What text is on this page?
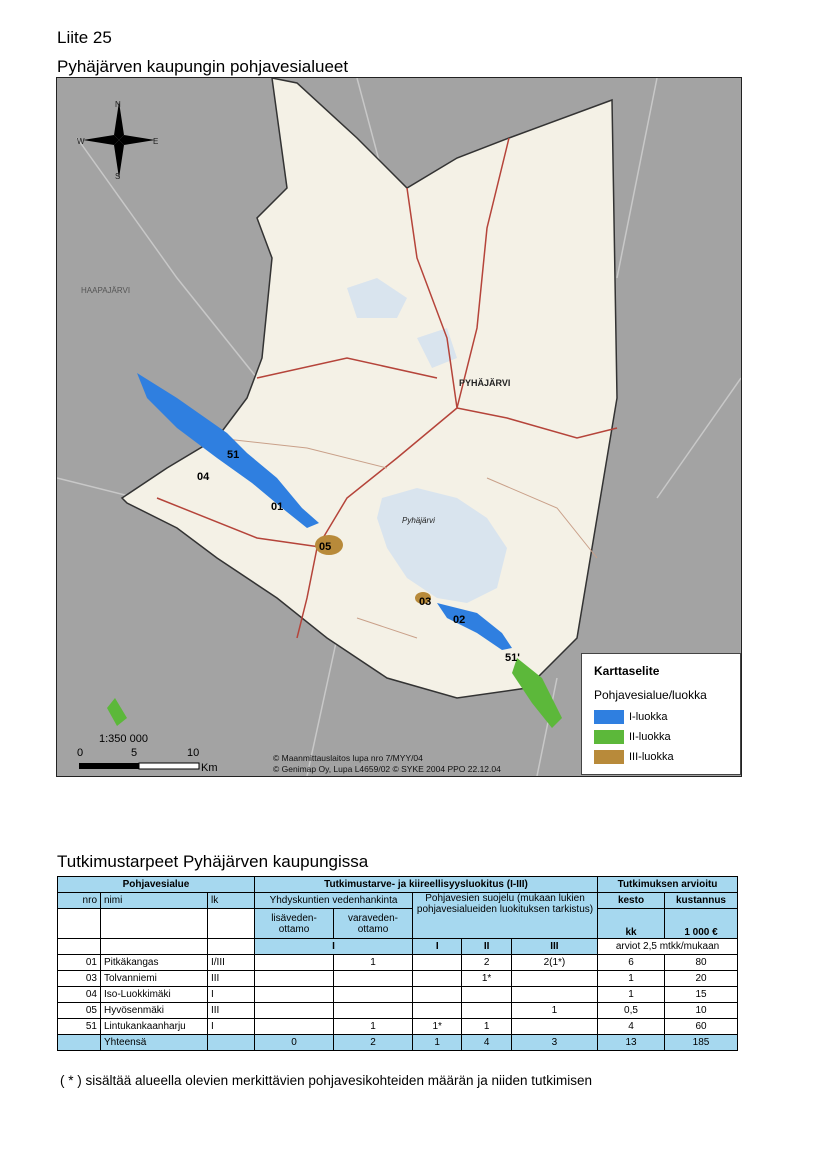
Liite 25
Pyhäjärven kaupungin pohjavesialueet
N
S
E
W
Pyhäjärvi
PYHÄJÄRVI
HAAPAJÄRVI
51
04
01
05
03
02
51'
Karttaselite
Pohjavesialue/luokka
I-luokka
II-luokka
III-luokka
1:350 000
0	5	10
Km
© Maanmittauslaitos lupa nro 7/MYY/04
© Genimap Oy, Lupa L4659/02 © SYKE 2004 PPO 22.12.04
Tutkimustarpeet Pyhäjärven kaupungissa
Pohjavesialue			Tutkimustarve- ja kiireellisyysluokitus (I-III)					Tutkimuksen arvioitu	
nro	nimi	lk	Yhdyskuntien vedenhankinta		Pohjavesien suojelu (mukaan lukien pohjavesialueiden luokituksen tarkistus)			kesto	kustannus
			lisäveden-ottamo	varaveden-ottamo				kk	1 000 €
			I		I	II	III	arviot 2,5 mtkk/mukaan	
01	Pitkäkangas	I/III		1		2	2(1*)	6	80
03	Tolvanniemi	III				1*		1	20
04	Iso-Luokkimäki	I						1	15
05	Hyvösenmäki	III					1	0,5	10
51	Lintukankaanharju	I		1	1*	1		4	60
	Yhteensä		0	2	1	4	3	13	185
( * ) sisältää alueella olevien merkittävien pohjavesikohteiden määrän ja niiden tutkimisen
